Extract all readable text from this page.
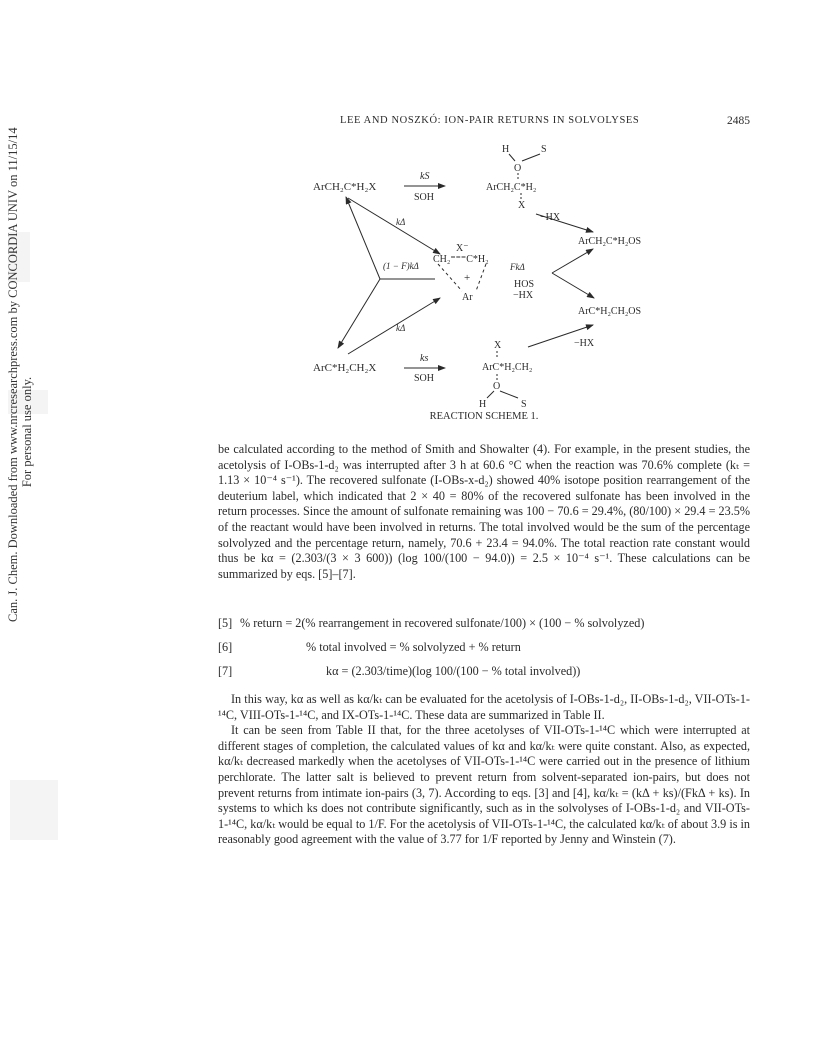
LEE AND NOSZKÓ: ION-PAIR RETURNS IN SOLVOLYSES	2485
Can. J. Chem. Downloaded from www.nrcresearchpress.com by CONCORDIA UNIV on 11/15/14 For personal use only.
ArCH₂C*H₂X
ArC*H₂CH₂X
kS
SOH
ks
SOH
kΔ
(1 − F)kΔ
kΔ
X⁻
CH₂⁼⁼⁼C*H₂
+
Ar
FkΔ
HOS
−HX
H	S
O
ArCH₂C*H₂
X
−HX
ArCH₂C*H₂OS
ArC*H₂CH₂OS
−HX
X
ArC*H₂CH₂
O
H	S
REACTION SCHEME 1.

be calculated according to the method of Smith and Showalter (4). For example, in the present studies, the acetolysis of I-OBs-1-d₂ was interrupted after 3 h at 60.6 °C when the reaction was 70.6% complete (kₜ = 1.13 × 10⁻⁴ s⁻¹). The recovered sulfonate (I-OBs-x-d₂) showed 40% isotope position rearrangement of the deuterium label, which indicated that 2 × 40 = 80% of the recovered sulfonate has been involved in the return processes. Since the amount of sulfonate remaining was 100 − 70.6 = 29.4%, (80/100) × 29.4 = 23.5% of the reactant would have been involved in returns. The total involved would be the sum of the percentage solvolyzed and the percentage return, namely, 70.6 + 23.4 = 94.0%. The total reaction rate constant would thus be kα = (2.303/(3 × 3 600)) (log 100/(100 − 94.0)) = 2.5 × 10⁻⁴ s⁻¹. These calculations can be summarized by eqs. [5]–[7].

[5] % return = 2(% rearrangement in recovered sulfonate/100) × (100 − % solvolyzed)
[6]	% total involved = % solvolyzed + % return
[7]	kα = (2.303/time)(log 100/(100 − % total involved))

In this way, kα as well as kα/kₜ can be evaluated for the acetolysis of I-OBs-1-d₂, II-OBs-1-d₂, VII-OTs-1-¹⁴C, VIII-OTs-1-¹⁴C, and IX-OTs-1-¹⁴C. These data are summarized in Table II.

It can be seen from Table II that, for the three acetolyses of VII-OTs-1-¹⁴C which were interrupted at different stages of completion, the calculated values of kα and kα/kₜ were quite constant. Also, as expected, kα/kₜ decreased markedly when the acetolyses of VII-OTs-1-¹⁴C were carried out in the presence of lithium perchlorate. The latter salt is believed to prevent return from solvent-separated ion-pairs, but does not prevent returns from intimate ion-pairs (3, 7). According to eqs. [3] and [4], kα/kₜ = (kΔ + ks)/(FkΔ + ks). In systems to which ks does not contribute significantly, such as in the solvolyses of I-OBs-1-d₂ and VII-OTs-1-¹⁴C, kα/kₜ would be equal to 1/F. For the acetolysis of VII-OTs-1-¹⁴C, the calculated kα/kₜ of about 3.9 is in reasonably good agreement with the value of 3.77 for 1/F reported by Jenny and Winstein (7).
